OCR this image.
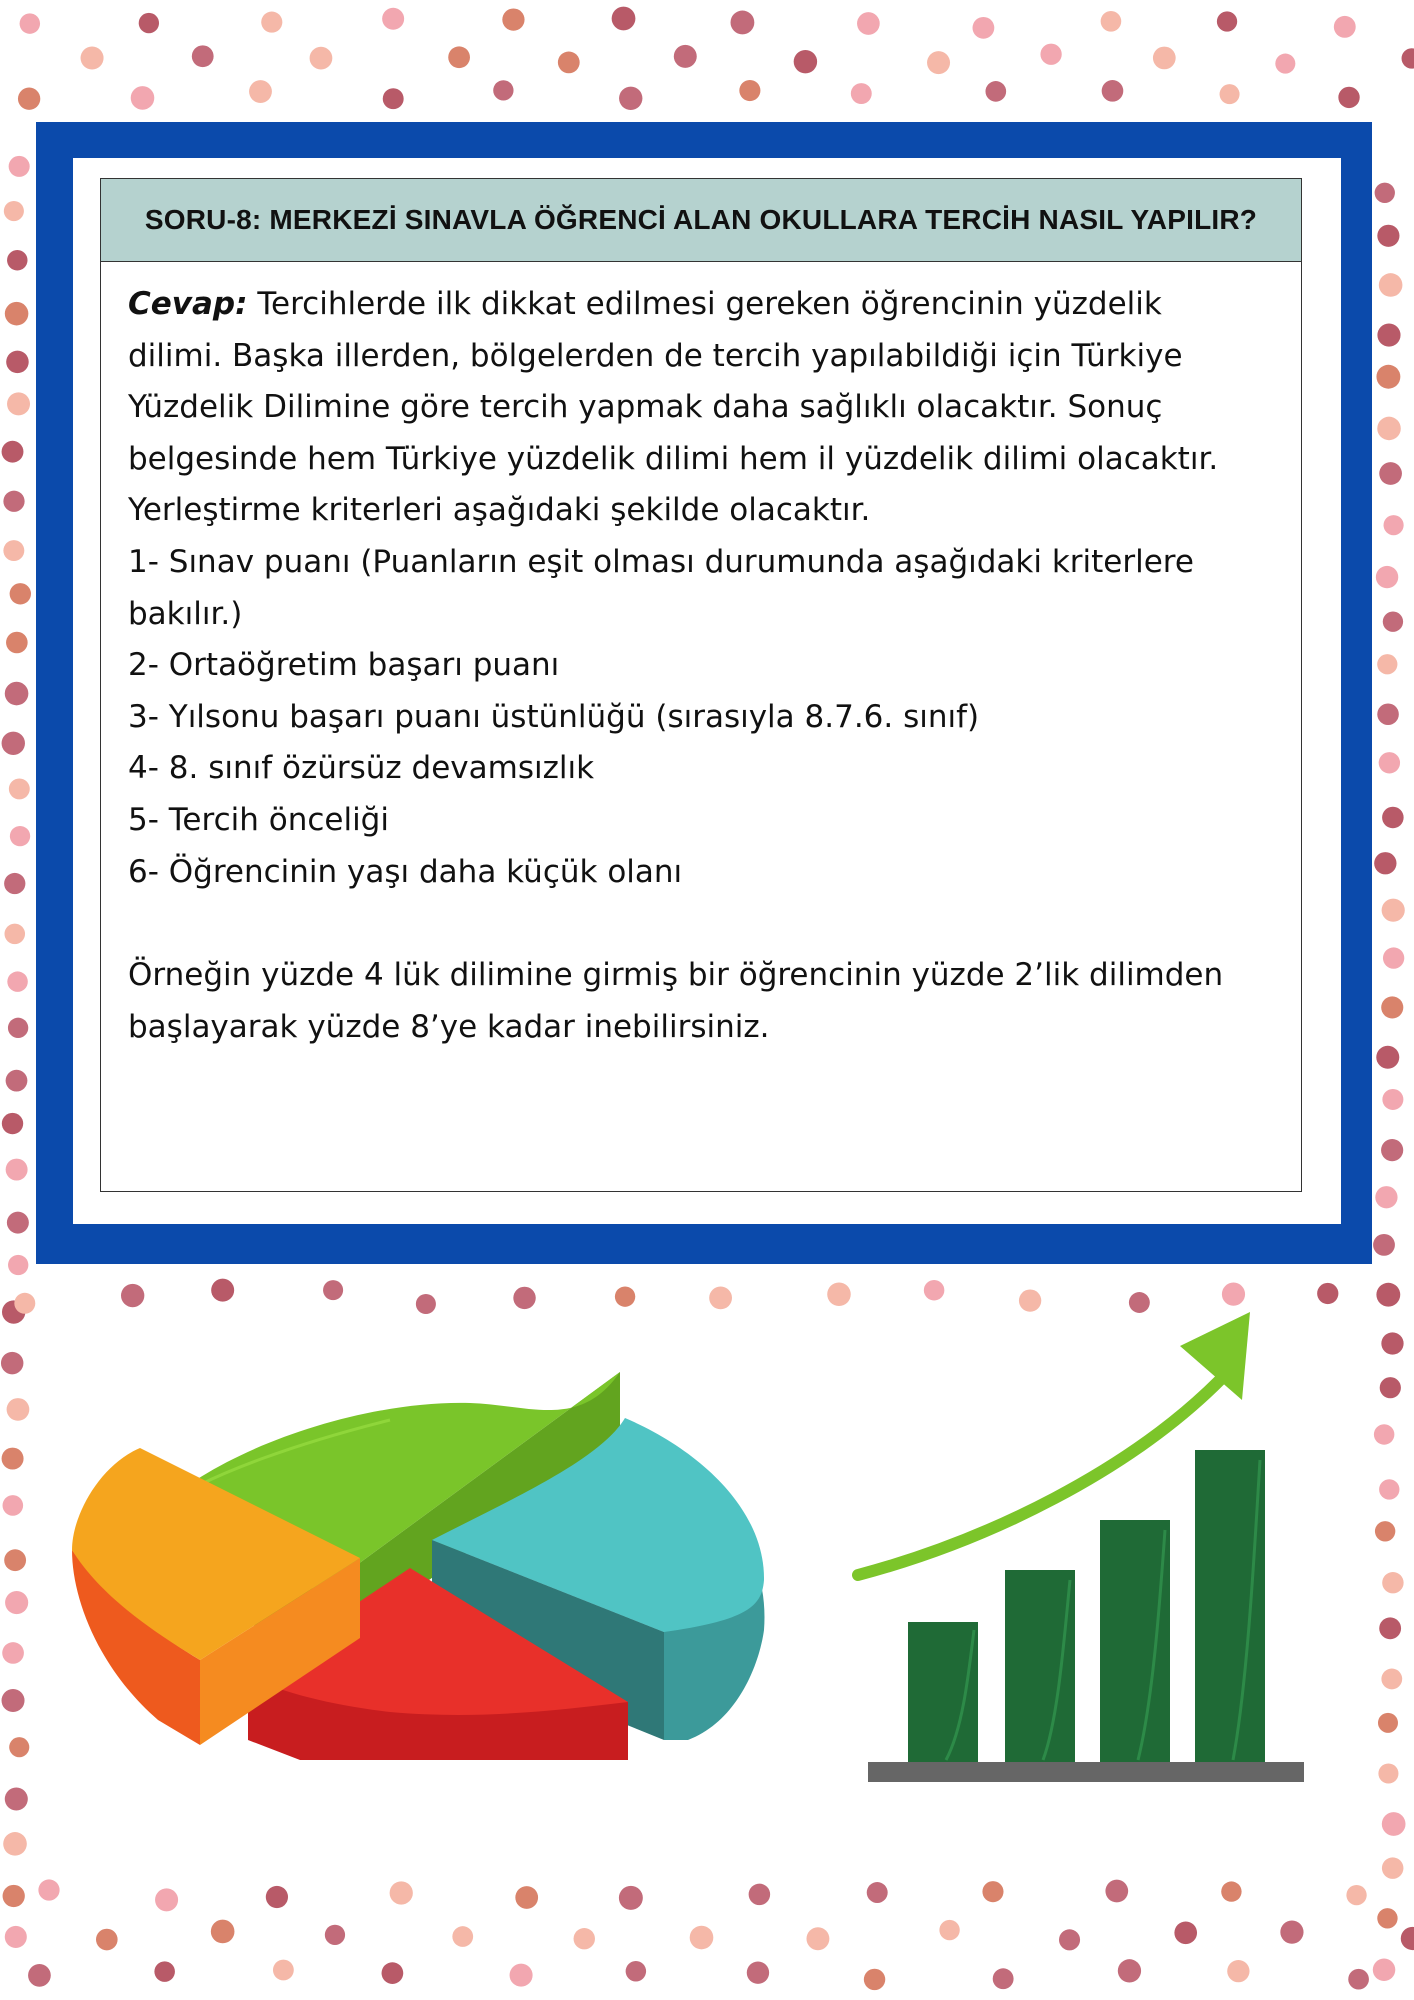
SORU-8: MERKEZİ SINAVLA ÖĞRENCİ ALAN OKULLARA TERCİH NASIL YAPILIR?
Cevap: Tercihlerde ilk dikkat edilmesi gereken öğrencinin yüzdelik
dilimi. Başka illerden, bölgelerden de tercih yapılabildiği için Türkiye
Yüzdelik Dilimine göre tercih yapmak daha sağlıklı olacaktır. Sonuç
belgesinde hem Türkiye yüzdelik dilimi hem il yüzdelik dilimi olacaktır.
Yerleştirme kriterleri aşağıdaki şekilde olacaktır.
1- Sınav puanı (Puanların eşit olması durumunda aşağıdaki kriterlere
bakılır.)
2- Ortaöğretim başarı puanı
3- Yılsonu başarı puanı üstünlüğü (sırasıyla 8.7.6. sınıf)
4- 8. sınıf özürsüz devamsızlık
5- Tercih önceliği
6- Öğrencinin yaşı daha küçük olanı
Örneğin yüzde 4 lük dilimine girmiş bir öğrencinin yüzde 2’lik dilimden
başlayarak yüzde 8’ye kadar inebilirsiniz.
